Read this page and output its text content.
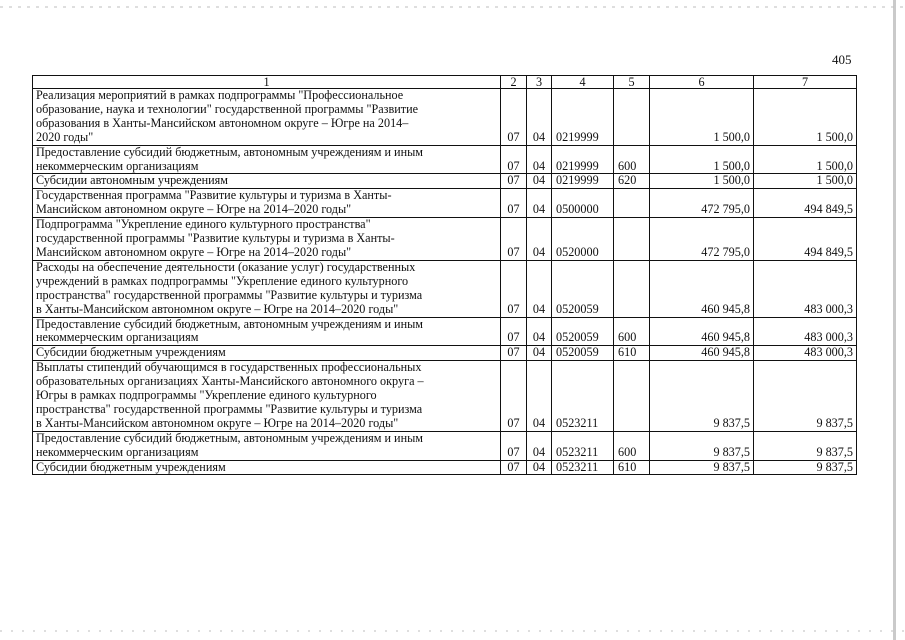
405
1	2	3	4	5	6	7
Реализация мероприятий в рамках подпрограммы "Профессиональное
образование, наука и технологии" государственной программы "Развитие
образования в Ханты-Мансийском автономном округе – Югре на 2014–
2020 годы"	07	04	0219999		1 500,0	1 500,0
Предоставление субсидий бюджетным, автономным учреждениям и иным
некоммерческим организациям	07	04	0219999	600	1 500,0	1 500,0
Субсидии автономным учреждениям	07	04	0219999	620	1 500,0	1 500,0
Государственная программа "Развитие культуры и туризма в Ханты-
Мансийском автономном округе – Югре на 2014–2020 годы"	07	04	0500000		472 795,0	494 849,5
Подпрограмма "Укрепление единого культурного пространства"
государственной программы "Развитие культуры и туризма в Ханты-
Мансийском автономном округе – Югре на 2014–2020 годы"	07	04	0520000		472 795,0	494 849,5
Расходы на обеспечение деятельности (оказание услуг) государственных
учреждений в рамках подпрограммы "Укрепление единого культурного
пространства" государственной программы "Развитие культуры и туризма
в Ханты-Мансийском автономном округе – Югре на 2014–2020 годы"	07	04	0520059		460 945,8	483 000,3
Предоставление субсидий бюджетным, автономным учреждениям и иным
некоммерческим организациям	07	04	0520059	600	460 945,8	483 000,3
Субсидии бюджетным учреждениям	07	04	0520059	610	460 945,8	483 000,3
Выплаты стипендий обучающимся в государственных профессиональных
образовательных организациях Ханты-Мансийского автономного округа –
Югры в рамках подпрограммы "Укрепление единого культурного
пространства" государственной программы "Развитие культуры и туризма
в Ханты-Мансийском автономном округе – Югре на 2014–2020 годы"	07	04	0523211		9 837,5	9 837,5
Предоставление субсидий бюджетным, автономным учреждениям и иным
некоммерческим организациям	07	04	0523211	600	9 837,5	9 837,5
Субсидии бюджетным учреждениям	07	04	0523211	610	9 837,5	9 837,5
